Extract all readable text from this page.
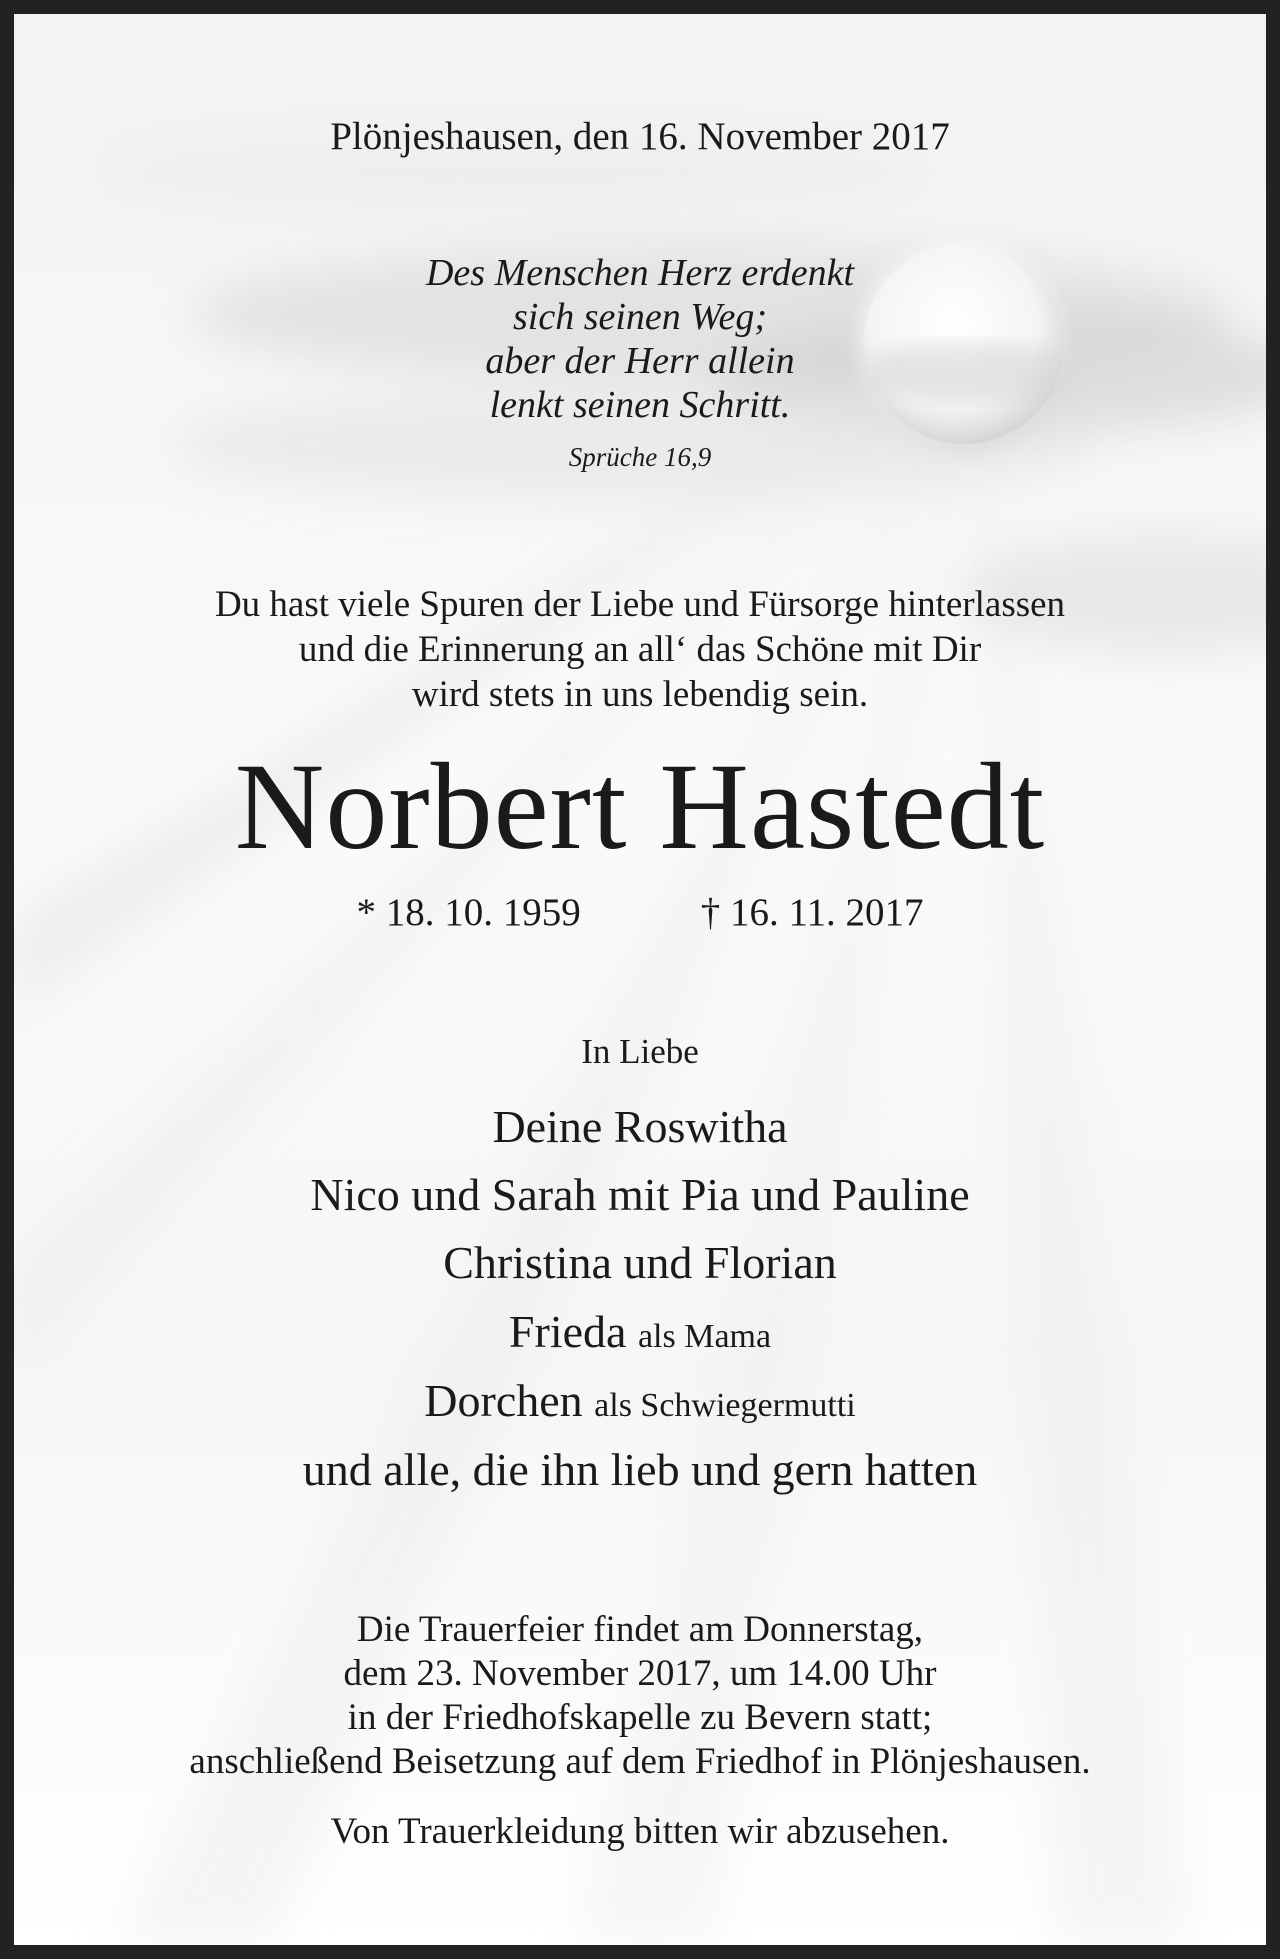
Plönjeshausen, den 16. November 2017
Des Menschen Herz erdenkt
sich seinen Weg;
aber der Herr allein
lenkt seinen Schritt.
Sprüche 16,9
Du hast viele Spuren der Liebe und Fürsorge hinterlassen
und die Erinnerung an all‘ das Schöne mit Dir
wird stets in uns lebendig sein.
Norbert Hastedt
* 18. 10. 1959	† 16. 11. 2017
In Liebe
Deine Roswitha
Nico und Sarah mit Pia und Pauline
Christina und Florian
Frieda als Mama
Dorchen als Schwiegermutti
und alle, die ihn lieb und gern hatten
Die Trauerfeier findet am Donnerstag,
dem 23. November 2017, um 14.00 Uhr
in der Friedhofskapelle zu Bevern statt;
anschließend Beisetzung auf dem Friedhof in Plönjeshausen.
Von Trauerkleidung bitten wir abzusehen.
